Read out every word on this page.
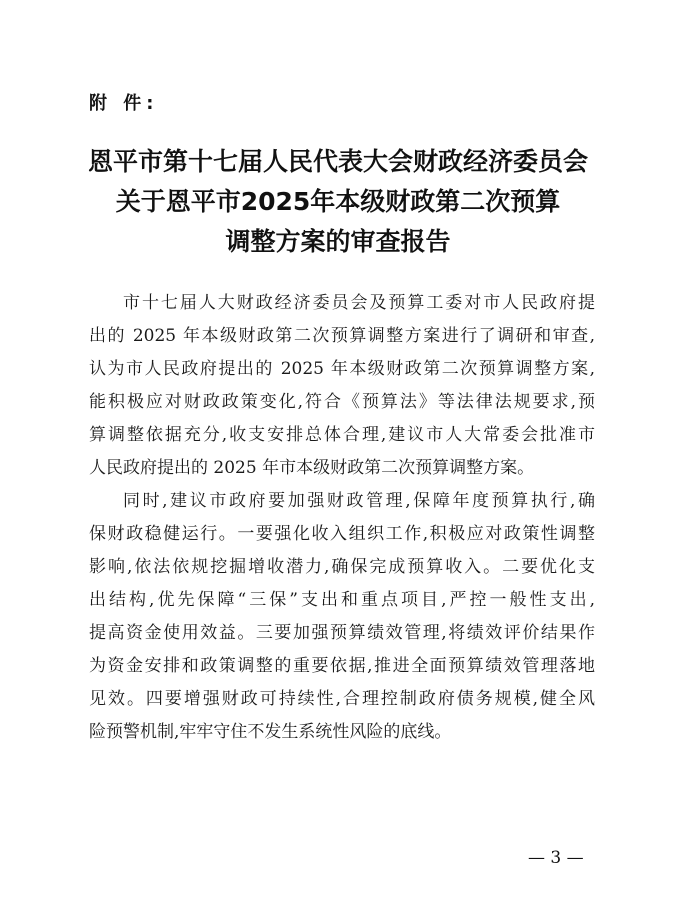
附 件:
恩平市第十七届人民代表大会财政经济委员会
关于恩平市2025年本级财政第二次预算
调整方案的审查报告
市十七届人大财政经济委员会及预算工委对市人民政府提
出的 2025 年本级财政第二次预算调整方案进行了调研和审查,
认为市人民政府提出的 2025 年本级财政第二次预算调整方案,
能积极应对财政政策变化,符合《预算法》等法律法规要求,预
算调整依据充分,收支安排总体合理,建议市人大常委会批准市
人民政府提出的 2025 年市本级财政第二次预算调整方案。
同时,建议市政府要加强财政管理,保障年度预算执行,确
保财政稳健运行。一要强化收入组织工作,积极应对政策性调整
影响,依法依规挖掘增收潜力,确保完成预算收入。二要优化支
出结构,优先保障“三保”支出和重点项目,严控一般性支出,
提高资金使用效益。三要加强预算绩效管理,将绩效评价结果作
为资金安排和政策调整的重要依据,推进全面预算绩效管理落地
见效。四要增强财政可持续性,合理控制政府债务规模,健全风
险预警机制,牢牢守住不发生系统性风险的底线。
— 3 —
